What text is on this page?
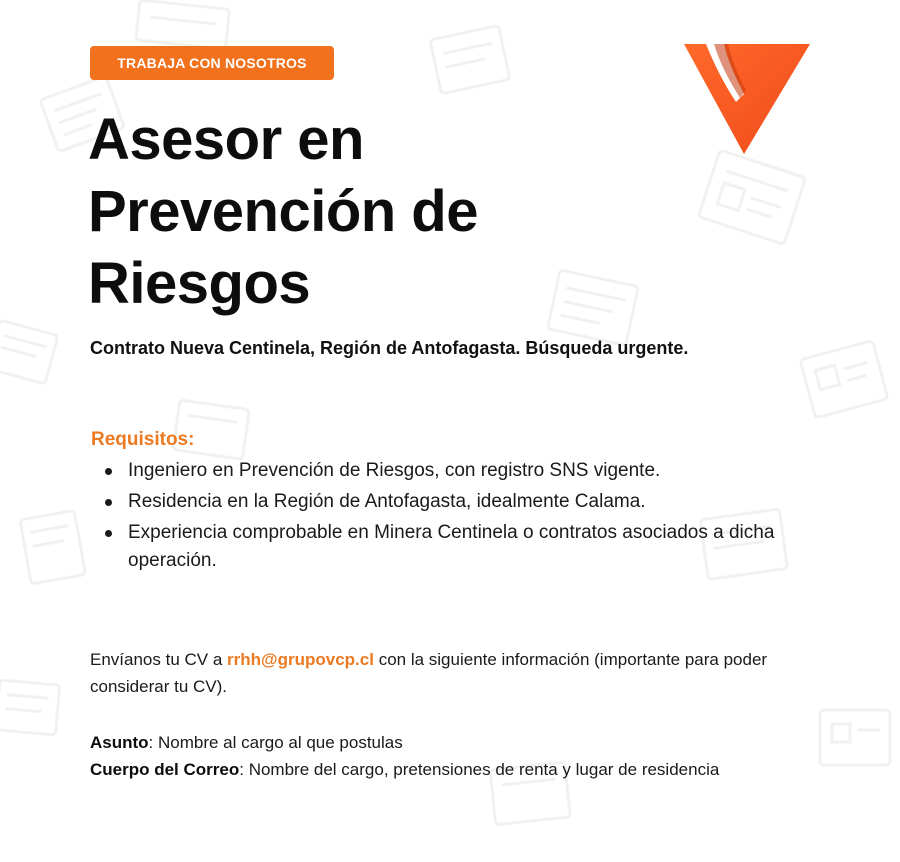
TRABAJA CON NOSOTROS
Asesor en
Prevención de
Riesgos

Contrato Nueva Centinela, Región de Antofagasta. Búsqueda urgente.

Requisitos:
Ingeniero en Prevención de Riesgos, con registro SNS vigente.
Residencia en la Región de Antofagasta, idealmente Calama.
Experiencia comprobable en Minera Centinela o contratos asociados a dicha operación.

Envíanos tu CV a rrhh@grupovcp.cl con la siguiente información (importante para poder considerar tu CV).

Asunto: Nombre al cargo al que postulas
Cuerpo del Correo: Nombre del cargo, pretensiones de renta y lugar de residencia
